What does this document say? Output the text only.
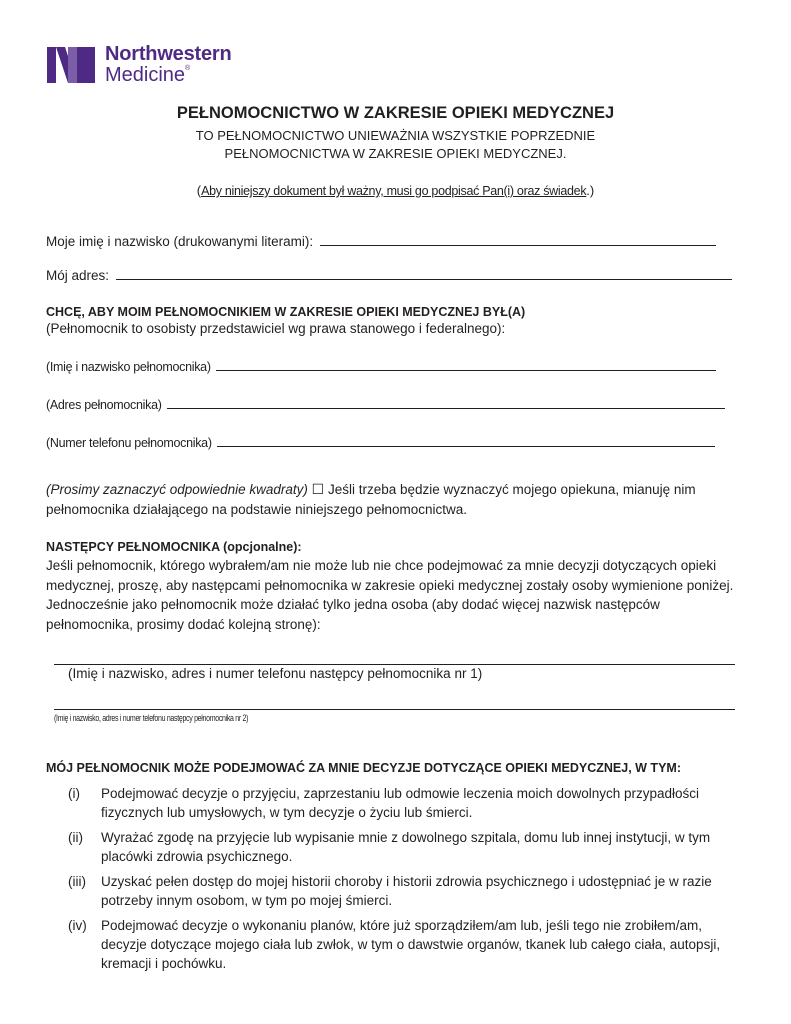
Northwestern
Medicine®
PEŁNOMOCNICTWO W ZAKRESIE OPIEKI MEDYCZNEJ
TO PEŁNOMOCNICTWO UNIEWAŻNIA WSZYSTKIE POPRZEDNIE PEŁNOMOCNICTWA W ZAKRESIE OPIEKI MEDYCZNEJ.
(Aby niniejszy dokument był ważny, musi go podpisać Pan(i) oraz świadek.)
Moje imię i nazwisko (drukowanymi literami):
Mój adres:
CHCĘ, ABY MOIM PEŁNOMOCNIKIEM W ZAKRESIE OPIEKI MEDYCZNEJ BYŁ(A)
(Pełnomocnik to osobisty przedstawiciel wg prawa stanowego i federalnego):
(Imię i nazwisko pełnomocnika)
(Adres pełnomocnika)
(Numer telefonu pełnomocnika)
(Prosimy zaznaczyć odpowiednie kwadraty) ☐ Jeśli trzeba będzie wyznaczyć mojego opiekuna, mianuję nim pełnomocnika działającego na podstawie niniejszego pełnomocnictwa.
NASTĘPCY PEŁNOMOCNIKA (opcjonalne):
Jeśli pełnomocnik, którego wybrałem/am nie może lub nie chce podejmować za mnie decyzji dotyczących opieki medycznej, proszę, aby następcami pełnomocnika w zakresie opieki medycznej zostały osoby wymienione poniżej. Jednocześnie jako pełnomocnik może działać tylko jedna osoba (aby dodać więcej nazwisk następców pełnomocnika, prosimy dodać kolejną stronę):
(Imię i nazwisko, adres i numer telefonu następcy pełnomocnika nr 1)
(Imię i nazwisko, adres i numer telefonu następcy pełnomocnika nr 2)
MÓJ PEŁNOMOCNIK MOŻE PODEJMOWAĆ ZA MNIE DECYZJE DOTYCZĄCE OPIEKI MEDYCZNEJ, W TYM:
(i) Podejmować decyzje o przyjęciu, zaprzestaniu lub odmowie leczenia moich dowolnych przypadłości fizycznych lub umysłowych, w tym decyzje o życiu lub śmierci.
(ii) Wyrażać zgodę na przyjęcie lub wypisanie mnie z dowolnego szpitala, domu lub innej instytucji, w tym placówki zdrowia psychicznego.
(iii) Uzyskać pełen dostęp do mojej historii choroby i historii zdrowia psychicznego i udostępniać je w razie potrzeby innym osobom, w tym po mojej śmierci.
(iv) Podejmować decyzje o wykonaniu planów, które już sporządziłem/am lub, jeśli tego nie zrobiłem/am, decyzje dotyczące mojego ciała lub zwłok, w tym o dawstwie organów, tkanek lub całego ciała, autopsji, kremacji i pochówku.
